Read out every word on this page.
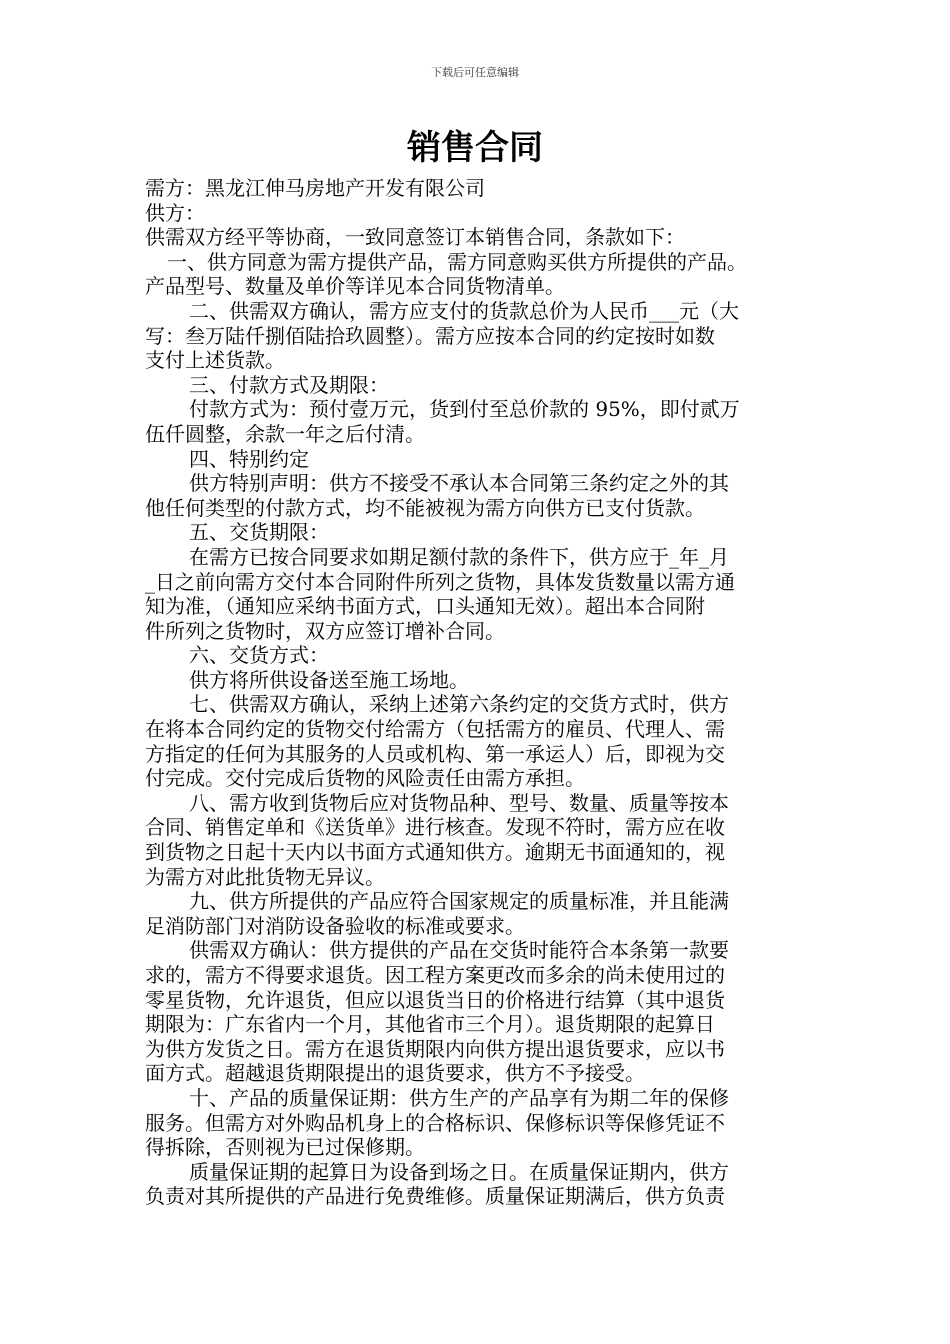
下载后可任意编辑
销售合同

需方：黑龙江伸马房地产开发有限公司

供方：

供需双方经平等协商，一致同意签订本销售合同，条款如下：

一、供方同意为需方提供产品，需方同意购买供方所提供的产品。

产品型号、数量及单价等详见本合同货物清单。

二、供需双方确认，需方应支付的货款总价为人民币___元（大

写：叁万陆仟捌佰陆拾玖圆整）。需方应按本合同的约定按时如数

支付上述货款。

三、付款方式及期限：

付款方式为：预付壹万元，货到付至总价款的 95%，即付贰万

伍仟圆整，余款一年之后付清。

四、特别约定

供方特别声明：供方不接受不承认本合同第三条约定之外的其

他任何类型的付款方式，均不能被视为需方向供方已支付货款。

五、交货期限：

在需方已按合同要求如期足额付款的条件下，供方应于_年_月

_日之前向需方交付本合同附件所列之货物，具体发货数量以需方通

知为准，（通知应采纳书面方式，口头通知无效）。超出本合同附

件所列之货物时，双方应签订增补合同。

六、交货方式：

供方将所供设备送至施工场地。

七、供需双方确认，采纳上述第六条约定的交货方式时，供方

在将本合同约定的货物交付给需方（包括需方的雇员、代理人、需

方指定的任何为其服务的人员或机构、第一承运人）后，即视为交

付完成。交付完成后货物的风险责任由需方承担。

八、需方收到货物后应对货物品种、型号、数量、质量等按本

合同、销售定单和《送货单》进行核查。发现不符时，需方应在收

到货物之日起十天内以书面方式通知供方。逾期无书面通知的，视

为需方对此批货物无异议。

九、供方所提供的产品应符合国家规定的质量标准，并且能满

足消防部门对消防设备验收的标准或要求。

供需双方确认：供方提供的产品在交货时能符合本条第一款要

求的，需方不得要求退货。因工程方案更改而多余的尚未使用过的

零星货物，允许退货，但应以退货当日的价格进行结算（其中退货

期限为：广东省内一个月，其他省市三个月）。退货期限的起算日

为供方发货之日。需方在退货期限内向供方提出退货要求，应以书

面方式。超越退货期限提出的退货要求，供方不予接受。

十、产品的质量保证期：供方生产的产品享有为期二年的保修

服务。但需方对外购品机身上的合格标识、保修标识等保修凭证不

得拆除，否则视为已过保修期。

质量保证期的起算日为设备到场之日。在质量保证期内，供方

负责对其所提供的产品进行免费维修。质量保证期满后，供方负责
